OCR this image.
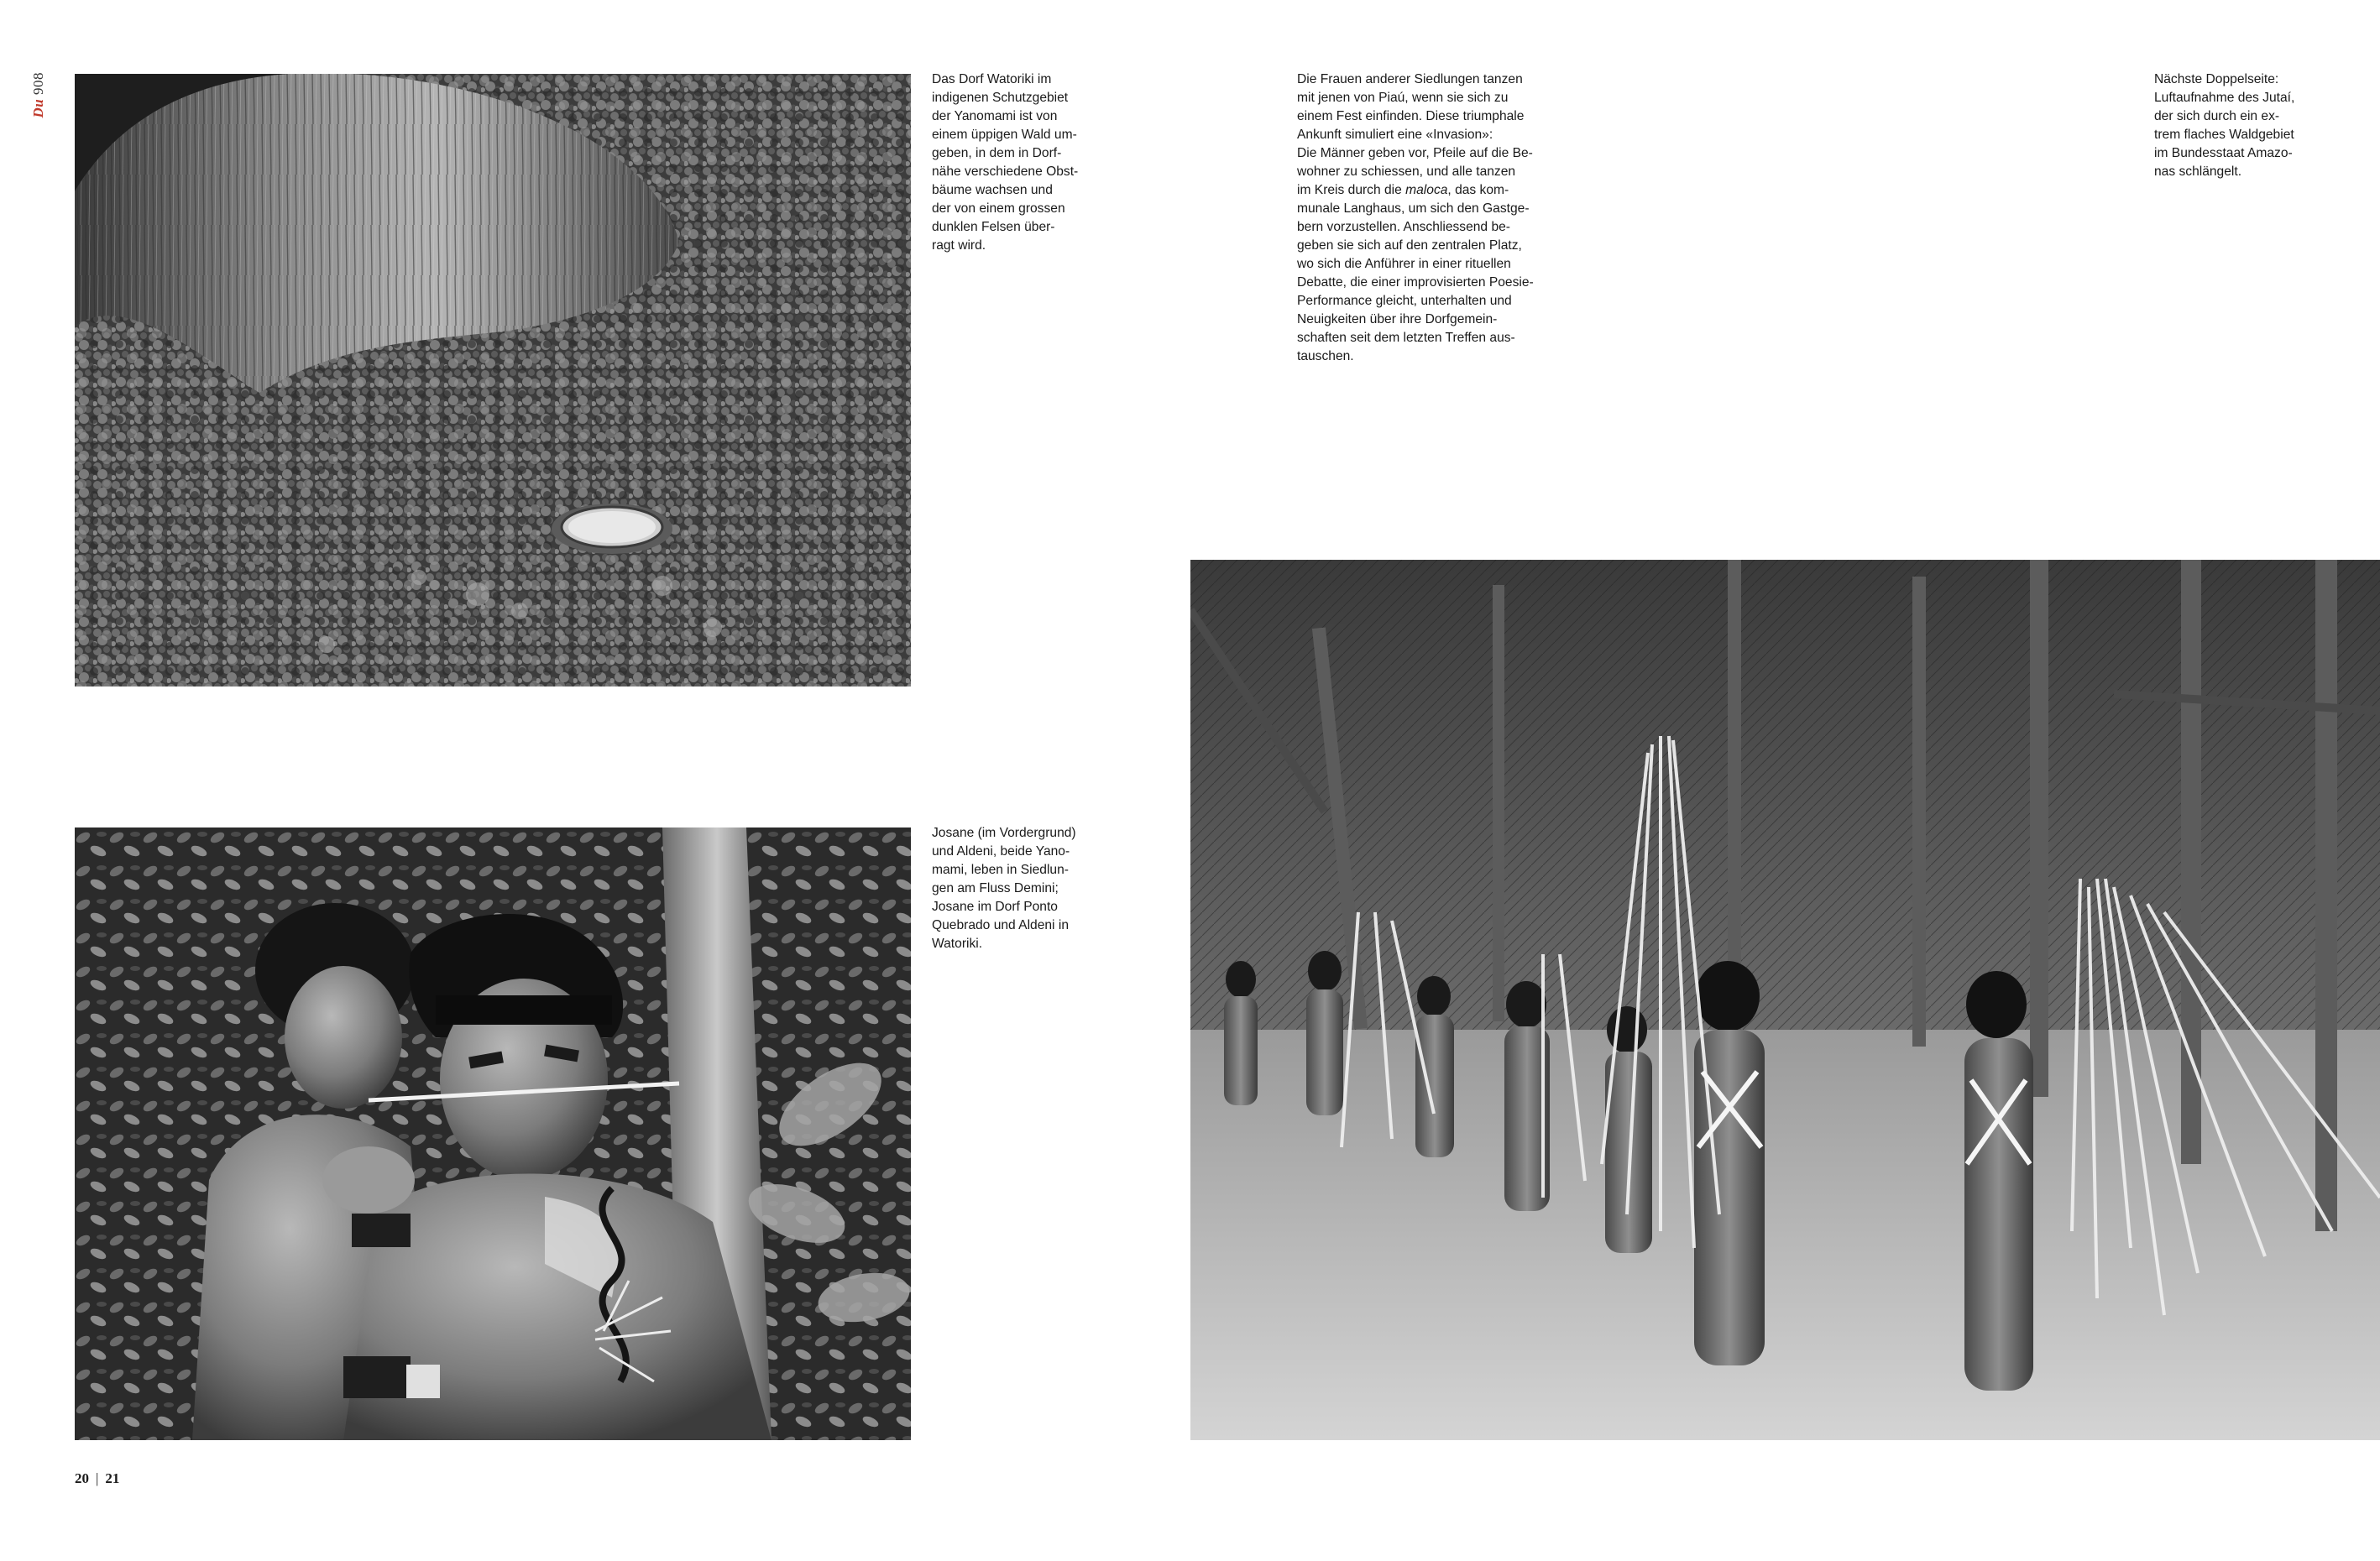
Du 908	Das Dorf Watoriki im
indigenen Schutzgebiet
der Yanomami ist von
einem üppigen Wald um-
geben, in dem in Dorf-
nähe verschiedene Obst-
bäume wachsen und
der von einem grossen
dunklen Felsen über-
ragt wird.
Die Frauen anderer Siedlungen tanzen
mit jenen von Piaú, wenn sie sich zu
einem Fest einfinden. Diese triumphale
Ankunft simuliert eine «Invasion»:
Die Männer geben vor, Pfeile auf die Be-
wohner zu schiessen, und alle tanzen
im Kreis durch die maloca, das kom-
munale Langhaus, um sich den Gastge-
bern vorzustellen. Anschliessend be-
geben sie sich auf den zentralen Platz,
wo sich die Anführer in einer rituellen
Debatte, die einer improvisierten Poesie-
Performance gleicht, unterhalten und
Neuigkeiten über ihre Dorfgemein-
schaften seit dem letzten Treffen aus-
tauschen.
Nächste Doppelseite:
Luftaufnahme des Jutaí,
der sich durch ein ex-
trem flaches Waldgebiet
im Bundesstaat Amazo-
nas schlängelt.
Josane (im Vordergrund)
und Aldeni, beide Yano-
mami, leben in Siedlun-
gen am Fluss Demini;
Josane im Dorf Ponto
Quebrado und Aldeni in
Watoriki.
20 | 21
